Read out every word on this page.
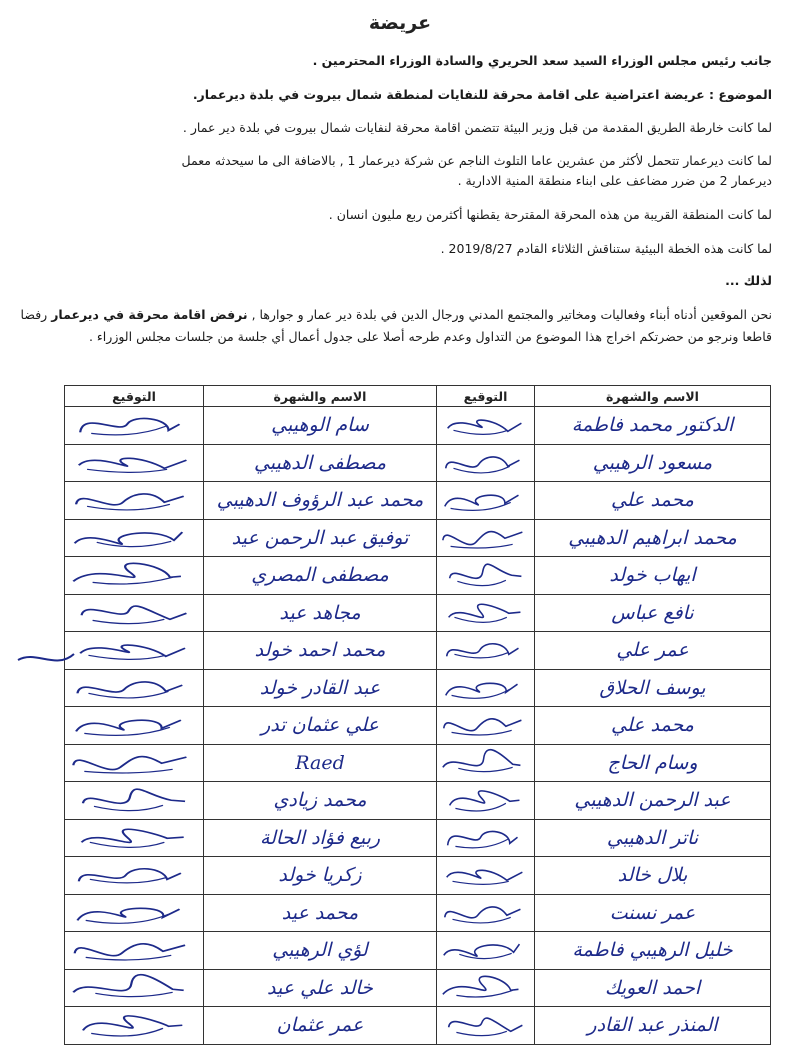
عريضة
جانب رئيس مجلس الوزراء السيد سعد الحريري والسادة الوزراء المحترمين .
الموضوع : عريضة اعتراضية على اقامة محرقة للنفايات لمنطقة شمال بيروت في بلدة ديرعمار.
لما كانت خارطة الطريق المقدمة من قبل وزير البيئة تتضمن اقامة محرقة لنفايات شمال بيروت في بلدة دير عمار .
لما كانت ديرعمار تتحمل لأكثر من عشرين عاما التلوث الناجم عن شركة ديرعمار 1 , بالاضافة الى ما سيحدثه معمل
ديرعمار 2 من ضرر مضاعف على ابناء منطقة المنية الادارية .
لما كانت المنطقة القريبة من هذه المحرقة المقترحة يقطنها أكثرمن ربع مليون انسان .
لما كانت هذه الخطة البيئية ستناقش الثلاثاء القادم 2019/8/27 .
لذلك ...
نحن الموقعين أدناه أبناء وفعاليات ومخاتير والمجتمع المدني ورجال الدين في بلدة دير عمار و جوارها , نرفض اقامة محرقة في ديرعمار رفضا قاطعا ونرجو من حضرتكم اخراج هذا الموضوع من التداول وعدم طرحه أصلا على جدول أعمال أي جلسة من جلسات مجلس الوزراء .
الاسم والشهرة	التوقيع	الاسم والشهرة	التوقيع
الدكتور محمد فاطمة		سام الوهيبي	

مسعود الرهيبي		مصطفى الدهيبي	

محمد علي		محمد عبد الرؤوف الدهيبي	

محمد ابراهيم الدهيبي		توفيق عبد الرحمن عيد	

ايهاب خولد		مصطفى المصري	

نافع عباس		مجاهد عيد	

عمر علي		محمد احمد خولد	

يوسف الحلاق		عبد القادر خولد	

محمد علي		علي عثمان تدر	

وسام الحاج		Raed	

عبد الرحمن الدهيبي		محمد زيادي	

ناتر الدهيبي		ربيع فؤاد الحالة	

بلال خالد		زكريا خولد	

عمر نسنت		محمد عيد	

خليل الرهيبي فاطمة		لؤي الرهيبي	

احمد العويك		خالد علي عيد	

المنذر عبد القادر		عمر عثمان	
